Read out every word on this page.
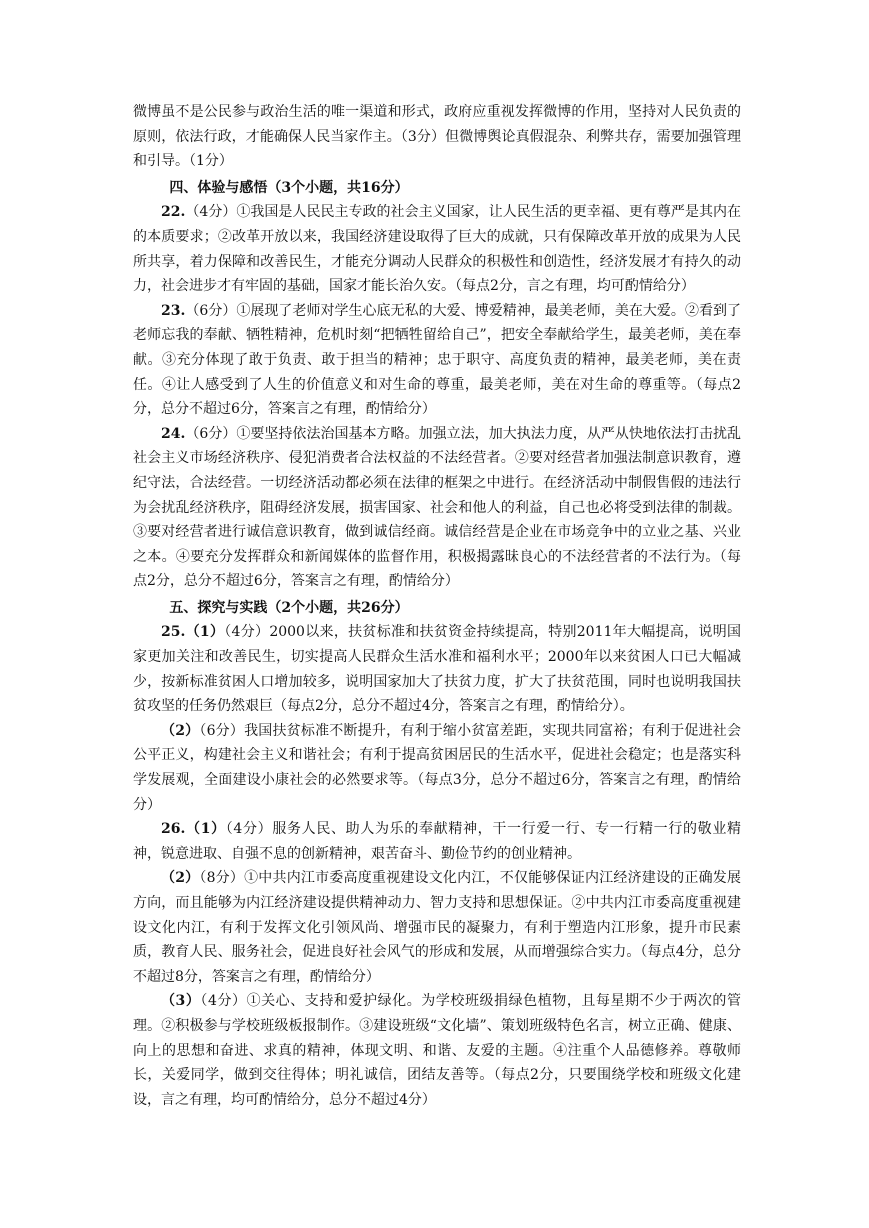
微博虽不是公民参与政治生活的唯一渠道和形式，政府应重视发挥微博的作用，坚持对人民负责的原则，依法行政，才能确保人民当家作主。（3分）但微博舆论真假混杂、利弊共存，需要加强管理和引导。（1分）

四、体验与感悟（3个小题，共16分）

22.（4分）①我国是人民民主专政的社会主义国家，让人民生活的更幸福、更有尊严是其内在的本质要求；②改革开放以来，我国经济建设取得了巨大的成就，只有保障改革开放的成果为人民所共享，着力保障和改善民生，才能充分调动人民群众的积极性和创造性，经济发展才有持久的动力，社会进步才有牢固的基础，国家才能长治久安。（每点2分，言之有理，均可酌情给分）

23.（6分）①展现了老师对学生心底无私的大爱、博爱精神，最美老师，美在大爱。②看到了老师忘我的奉献、牺牲精神，危机时刻“把牺牲留给自己”，把安全奉献给学生，最美老师，美在奉献。③充分体现了敢于负责、敢于担当的精神；忠于职守、高度负责的精神，最美老师，美在责任。④让人感受到了人生的价值意义和对生命的尊重，最美老师，美在对生命的尊重等。（每点2分，总分不超过6分，答案言之有理，酌情给分）

24.（6分）①要坚持依法治国基本方略。加强立法，加大执法力度，从严从快地依法打击扰乱社会主义市场经济秩序、侵犯消费者合法权益的不法经营者。②要对经营者加强法制意识教育，遵纪守法，合法经营。一切经济活动都必须在法律的框架之中进行。在经济活动中制假售假的违法行为会扰乱经济秩序，阻碍经济发展，损害国家、社会和他人的利益，自己也必将受到法律的制裁。③要对经营者进行诚信意识教育，做到诚信经商。诚信经营是企业在市场竞争中的立业之基、兴业之本。④要充分发挥群众和新闻媒体的监督作用，积极揭露昧良心的不法经营者的不法行为。（每点2分，总分不超过6分，答案言之有理，酌情给分）

五、探究与实践（2个小题，共26分）

25.（1）（4分）2000以来，扶贫标准和扶贫资金持续提高，特别2011年大幅提高，说明国家更加关注和改善民生，切实提高人民群众生活水准和福利水平；2000年以来贫困人口已大幅减少，按新标准贫困人口增加较多，说明国家加大了扶贫力度，扩大了扶贫范围，同时也说明我国扶贫攻坚的任务仍然艰巨（每点2分，总分不超过4分，答案言之有理，酌情给分）。

（2）（6分）我国扶贫标准不断提升，有利于缩小贫富差距，实现共同富裕；有利于促进社会公平正义，构建社会主义和谐社会；有利于提高贫困居民的生活水平，促进社会稳定；也是落实科学发展观，全面建设小康社会的必然要求等。（每点3分，总分不超过6分，答案言之有理，酌情给分）

26.（1）（4分）服务人民、助人为乐的奉献精神，干一行爱一行、专一行精一行的敬业精神，锐意进取、自强不息的创新精神，艰苦奋斗、勤俭节约的创业精神。

（2）（8分）①中共内江市委高度重视建设文化内江，不仅能够保证内江经济建设的正确发展方向，而且能够为内江经济建设提供精神动力、智力支持和思想保证。②中共内江市委高度重视建设文化内江，有利于发挥文化引领风尚、增强市民的凝聚力，有利于塑造内江形象，提升市民素质，教育人民、服务社会，促进良好社会风气的形成和发展，从而增强综合实力。（每点4分，总分不超过8分，答案言之有理，酌情给分）

（3）（4分）①关心、支持和爱护绿化。为学校班级捐绿色植物，且每星期不少于两次的管理。②积极参与学校班级板报制作。③建设班级“文化墙”、策划班级特色名言，树立正确、健康、向上的思想和奋进、求真的精神，体现文明、和谐、友爱的主题。④注重个人品德修养。尊敬师长，关爱同学，做到交往得体；明礼诚信，团结友善等。（每点2分，只要围绕学校和班级文化建设，言之有理，均可酌情给分，总分不超过4分）
